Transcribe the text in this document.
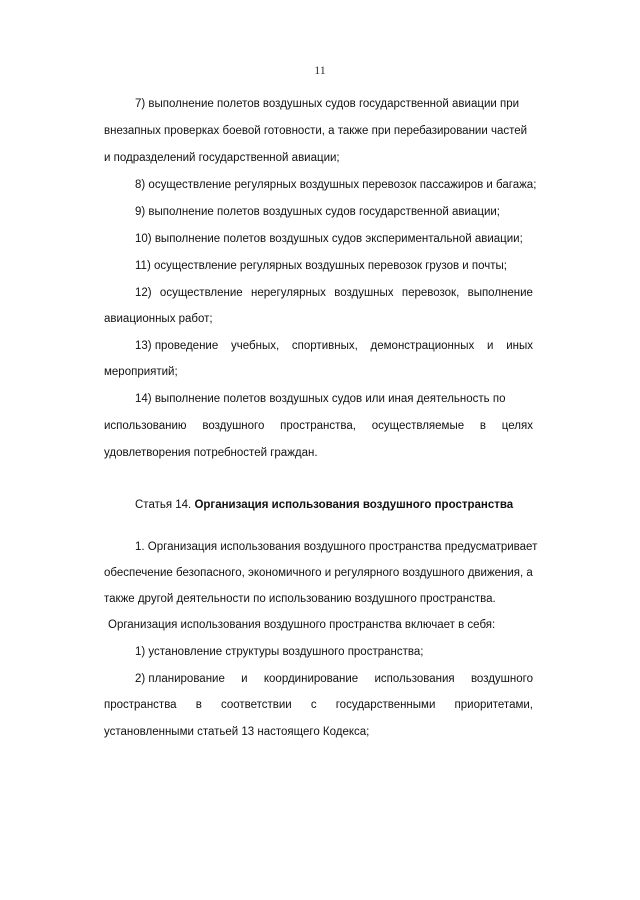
11
7) выполнение полетов воздушных судов государственной авиации при
внезапных проверках боевой готовности, а также при перебазировании частей
и подразделений государственной авиации;
8) осуществление регулярных воздушных перевозок пассажиров и багажа;
9) выполнение полетов воздушных судов государственной авиации;
10) выполнение полетов воздушных судов экспериментальной авиации;
11) осуществление регулярных воздушных перевозок грузов и почты;
12) осуществление нерегулярных воздушных перевозок, выполнение
авиационных работ;
13) проведение учебных, спортивных, демонстрационных и иных
мероприятий;
14) выполнение полетов воздушных судов или иная деятельность по
использованию воздушного пространства, осуществляемые в целях
удовлетворения потребностей граждан.
Статья 14. Организация использования воздушного пространства
1. Организация использования воздушного пространства предусматривает
обеспечение безопасного, экономичного и регулярного воздушного движения, а
также другой деятельности по использованию воздушного пространства.
Организация использования воздушного пространства включает в себя:
1) установление структуры воздушного пространства;
2) планирование и координирование использования воздушного
пространства в соответствии с государственными приоритетами,
установленными статьей 13 настоящего Кодекса;
